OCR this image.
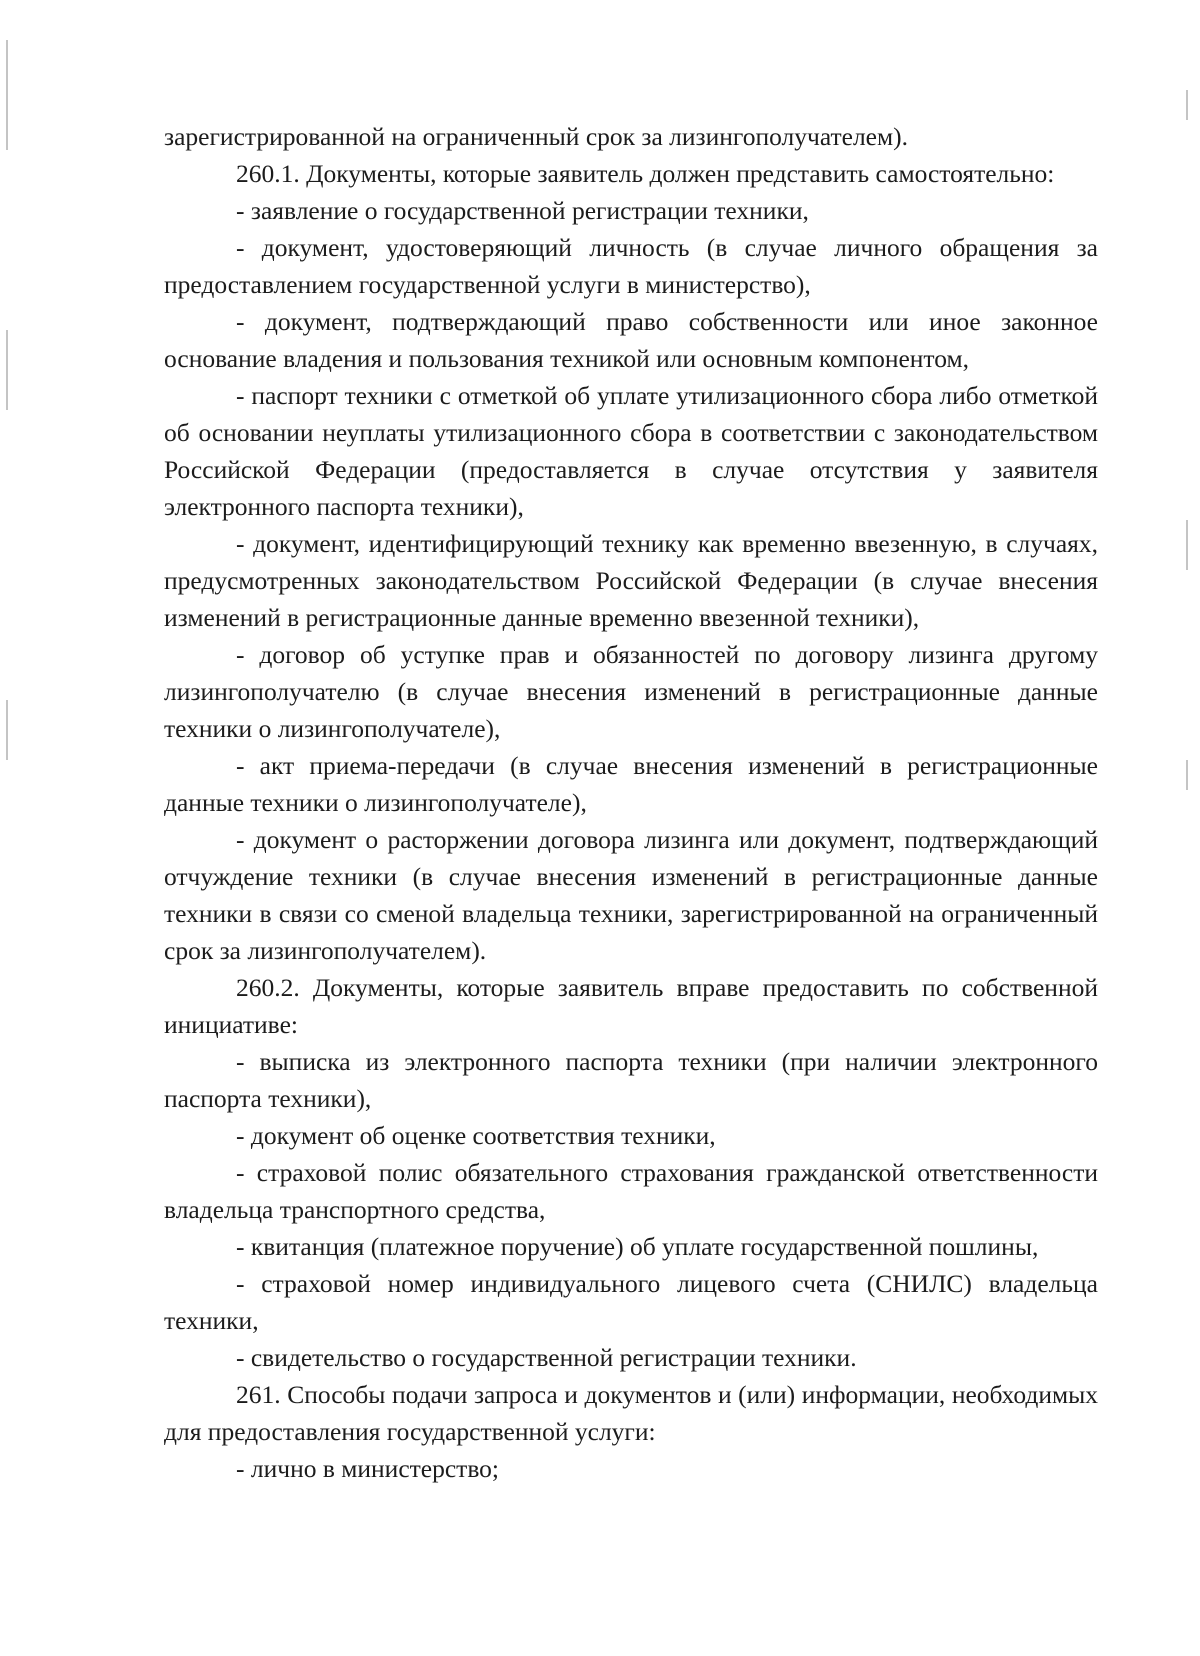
зарегистрированной на ограниченный срок за лизингополучателем).

260.1. Документы, которые заявитель должен представить самостоятельно:

- заявление о государственной регистрации техники,

- документ, удостоверяющий личность (в случае личного обращения за предоставлением государственной услуги в министерство),

- документ, подтверждающий право собственности или иное законное основание владения и пользования техникой или основным компонентом,

- паспорт техники с отметкой об уплате утилизационного сбора либо отметкой об основании неуплаты утилизационного сбора в соответствии с законодательством Российской Федерации (предоставляется в случае отсутствия у заявителя электронного паспорта техники),

- документ, идентифицирующий технику как временно ввезенную, в случаях, предусмотренных законодательством Российской Федерации (в случае внесения изменений в регистрационные данные временно ввезенной техники),

- договор об уступке прав и обязанностей по договору лизинга другому лизингополучателю (в случае внесения изменений в регистрационные данные техники о лизингополучателе),

- акт приема-передачи (в случае внесения изменений в регистрационные данные техники о лизингополучателе),

- документ о расторжении договора лизинга или документ, подтверждающий отчуждение техники (в случае внесения изменений в регистрационные данные техники в связи со сменой владельца техники, зарегистрированной на ограниченный срок за лизингополучателем).

260.2. Документы, которые заявитель вправе предоставить по собственной инициативе:

- выписка из электронного паспорта техники (при наличии электронного паспорта техники),

- документ об оценке соответствия техники,

- страховой полис обязательного страхования гражданской ответственности владельца транспортного средства,

- квитанция (платежное поручение) об уплате государственной пошлины,

- страховой номер индивидуального лицевого счета (СНИЛС) владельца техники,

- свидетельство о государственной регистрации техники.

261. Способы подачи запроса и документов и (или) информации, необходимых для предоставления государственной услуги:

- лично в министерство;
